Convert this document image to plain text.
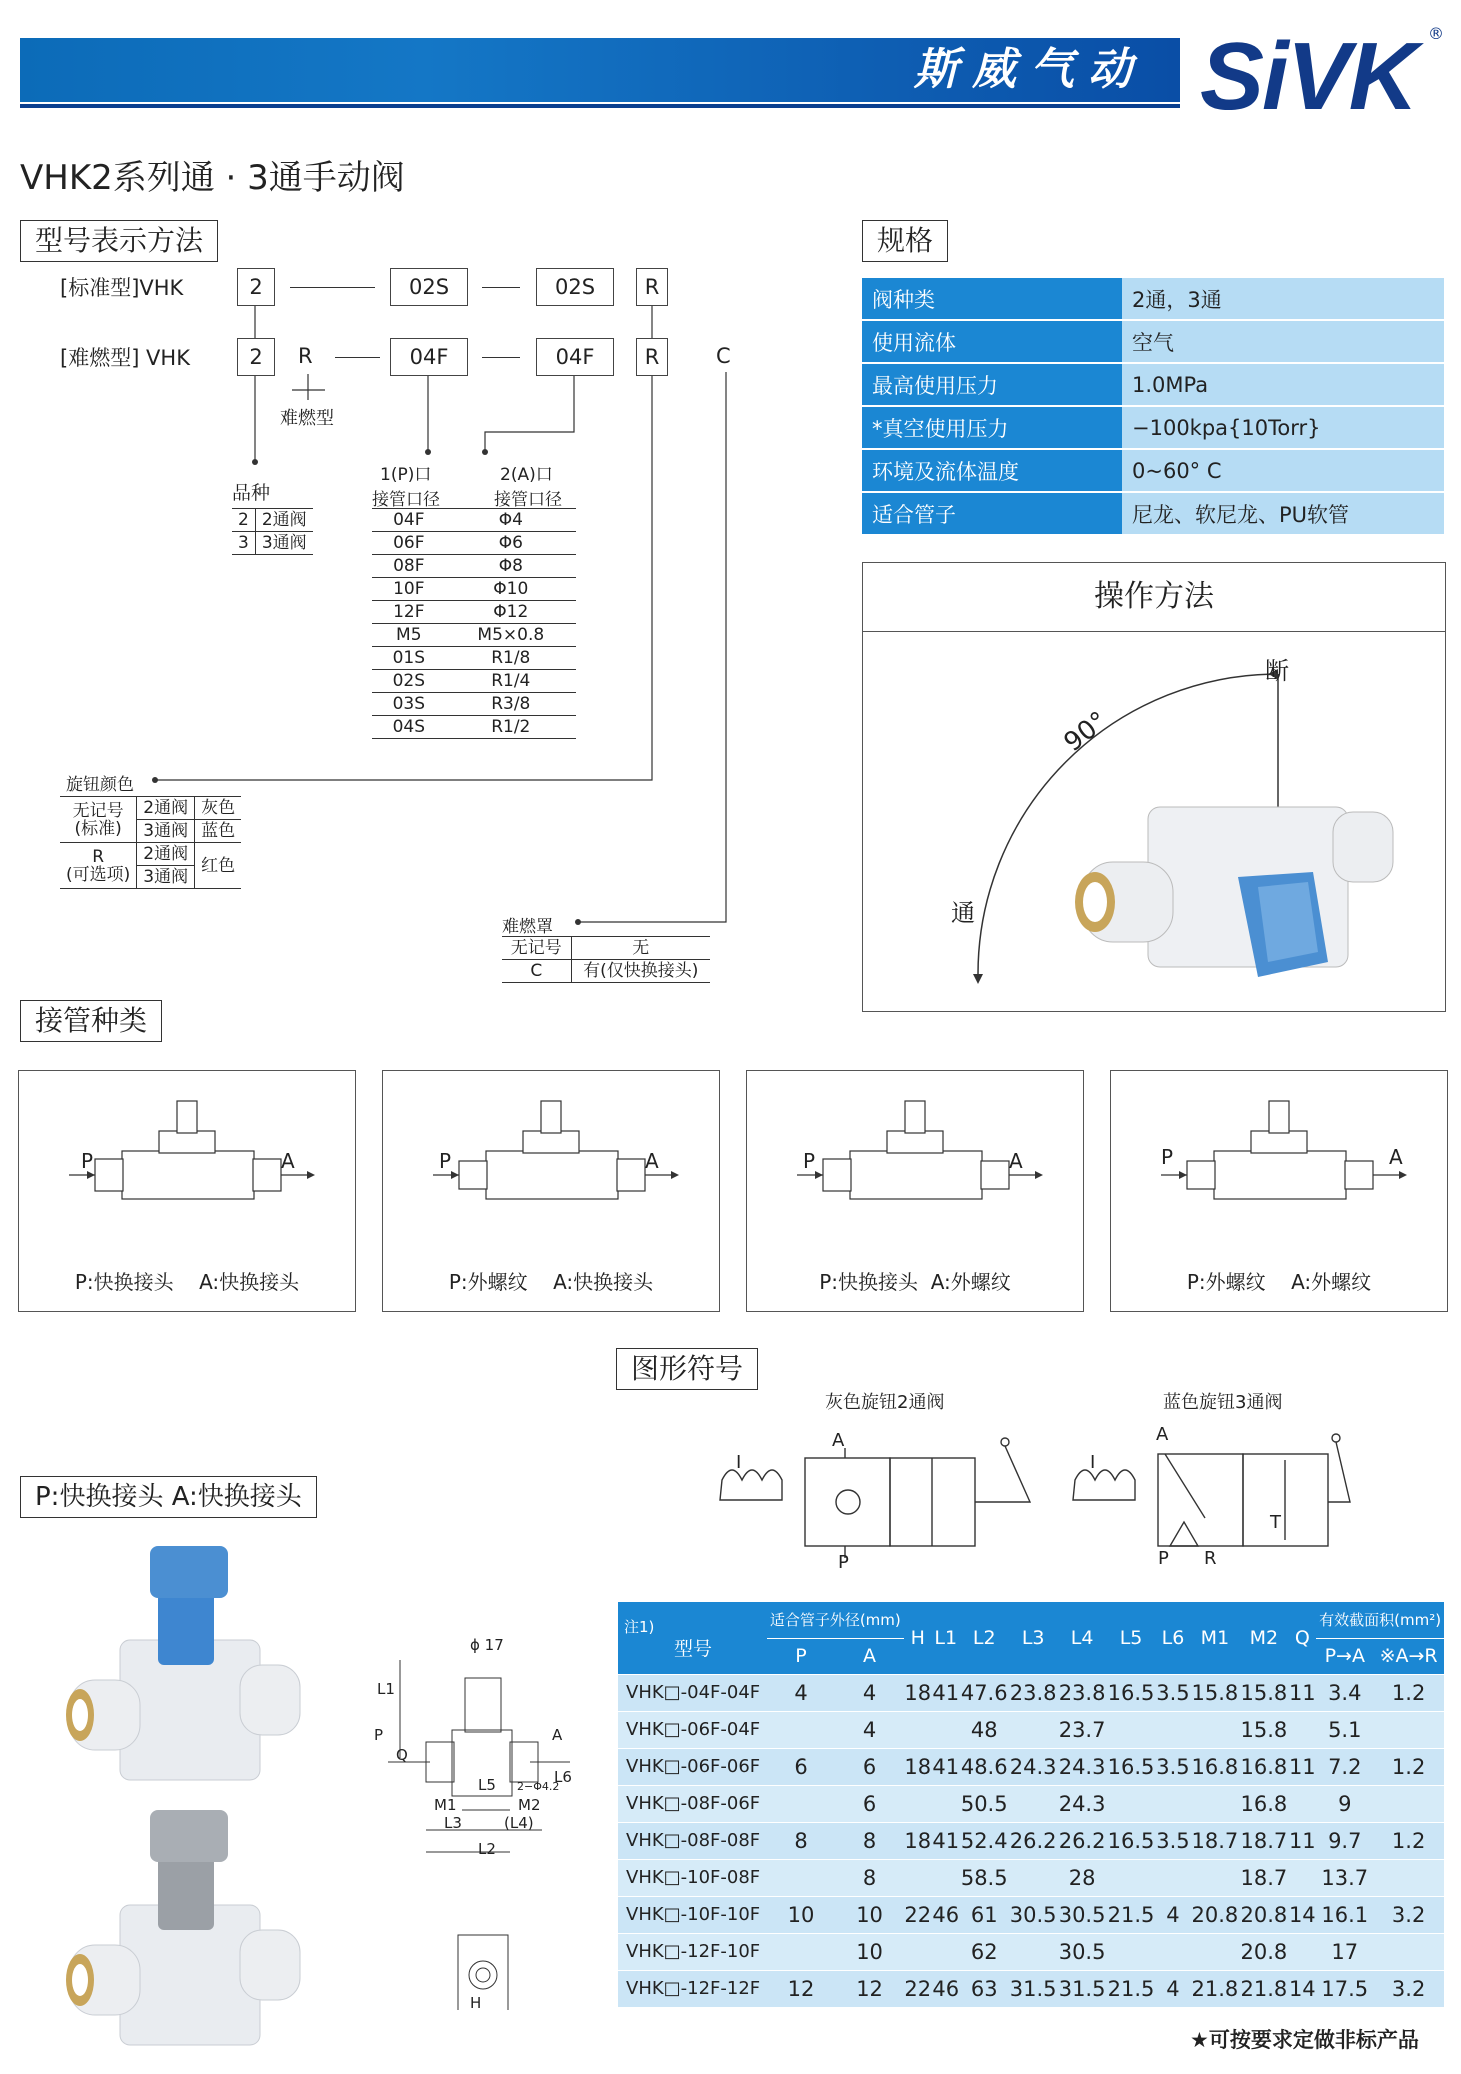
斯威气动 SiVK ®
VHK2系列通 · 3通手动阀
型号表示方法
[标准型]VHK
[难燃型] VHK
2	02S	02S	R
2	R	04F	04F	R	C
难燃型
品种
2	2通阀
3	3通阀
1(P)口	2(A)口
接管口径	接管口径
04F	Φ4
06F	Φ6
08F	Φ8
10F	Φ10
12F	Φ12
M5	M5×0.8
01S	R1/8
02S	R1/4
03S	R3/8
04S	R1/2
旋钮颜色
无记号
(标准)	2通阀	灰色
	3通阀	蓝色
R
(可选项)	2通阀	红色
	3通阀	
难燃罩
无记号	无
C	有(仅快换接头)
规格
阀种类	2通，3通
使用流体	空气
最高使用压力	1.0MPa
*真空使用压力	−100kpa{10Torr}
环境及流体温度	0~60° C
适合管子	尼龙、软尼龙、PU软管
操作方法
断
通
90°
接管种类
P	A
P:快换接头    A:快换接头
P	A
P:外螺纹    A:快换接头
P	A
P:快换接头  A:外螺纹
P	A
P:外螺纹    A:外螺纹
图形符号
灰色旋钮2通阀	蓝色旋钮3通阀
A
P
I
A
I
P R
T
P:快换接头 A:快换接头
ϕ 17
L1
P
Q
A
L5	L6
2−Φ4.2
M1	M2
(L4)
L3
L2
H
注1)
型号	适合管子外径(mm)		H	L1	L2	L3	L4	L5	L6	M1	M2	Q	有效截面积(mm²)	
	P	A											P→A	※A→R
VHK□-04F-04F	4	4	18	41	47.6	23.8	23.8	16.5	3.5	15.8	15.8	11	3.4	1.2
VHK□-06F-04F		4			48		23.7				15.8		5.1	
VHK□-06F-06F	6	6	18	41	48.6	24.3	24.3	16.5	3.5	16.8	16.8	11	7.2	1.2
VHK□-08F-06F		6			50.5		24.3				16.8		9	
VHK□-08F-08F	8	8	18	41	52.4	26.2	26.2	16.5	3.5	18.7	18.7	11	9.7	1.2
VHK□-10F-08F		8			58.5		28				18.7		13.7	
VHK□-10F-10F	10	10	22	46	61	30.5	30.5	21.5	4	20.8	20.8	14	16.1	3.2
VHK□-12F-10F		10			62		30.5				20.8		17	
VHK□-12F-12F	12	12	22	46	63	31.5	31.5	21.5	4	21.8	21.8	14	17.5	3.2
★可按要求定做非标产品
